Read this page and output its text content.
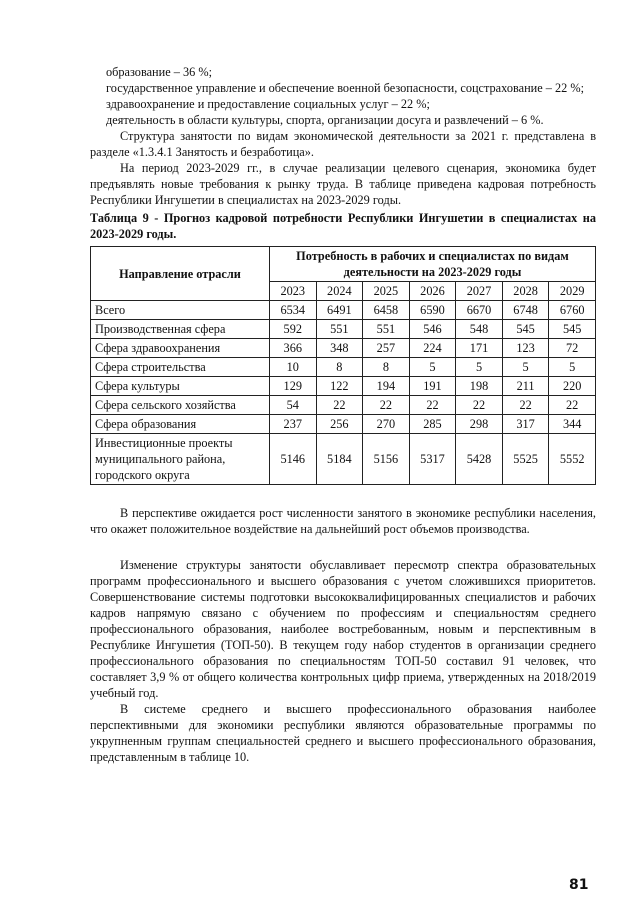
образование – 36 %;

государственное управление и обеспечение военной безопасности, соцстрахование – 22 %;

здравоохранение и предоставление социальных услуг – 22 %;

деятельность в области культуры, спорта, организации досуга и развлечений – 6 %.

Структура занятости по видам экономической деятельности за 2021 г. представлена в разделе «1.3.4.1 Занятость и безработица».

На период 2023-2029 гг., в случае реализации целевого сценария, экономика будет предъявлять новые требования к рынку труда. В таблице приведена кадровая потребность Республики Ингушетии в специалистах на 2023-2029 годы.

Таблица 9 - Прогноз кадровой потребности Республики Ингушетии в специалистах на 2023-2029 годы.

Направление отрасли	Потребность в рабочих и специалистах по видам деятельности на 2023-2029 годы						
	2023	2024	2025	2026	2027	2028	2029
Всего	6534	6491	6458	6590	6670	6748	6760
Производственная сфера	592	551	551	546	548	545	545
Сфера здравоохранения	366	348	257	224	171	123	72
Сфера строительства	10	8	8	5	5	5	5
Сфера культуры	129	122	194	191	198	211	220
Сфера сельского хозяйства	54	22	22	22	22	22	22
Сфера образования	237	256	270	285	298	317	344
Инвестиционные проекты муниципального района, городского округа	5146	5184	5156	5317	5428	5525	5552

В перспективе ожидается рост численности занятого в экономике республики населения, что окажет положительное воздействие на дальнейший рост объемов производства.

Изменение структуры занятости обуславливает пересмотр спектра образовательных программ профессионального и высшего образования с учетом сложившихся приоритетов. Совершенствование системы подготовки высококвалифицированных специалистов и рабочих кадров напрямую связано с обучением по профессиям и специальностям среднего профессионального образования, наиболее востребованным, новым и перспективным в Республике Ингушетия (ТОП-50). В текущем году набор студентов в организации среднего профессионального образования по специальностям ТОП-50 составил 91 человек, что составляет 3,9 % от общего количества контрольных цифр приема, утвержденных на 2018/2019 учебный год.

В системе среднего и высшего профессионального образования наиболее перспективными для экономики республики являются образовательные программы по укрупненным группам специальностей среднего и высшего профессионального образования, представленным в таблице 10.

81
